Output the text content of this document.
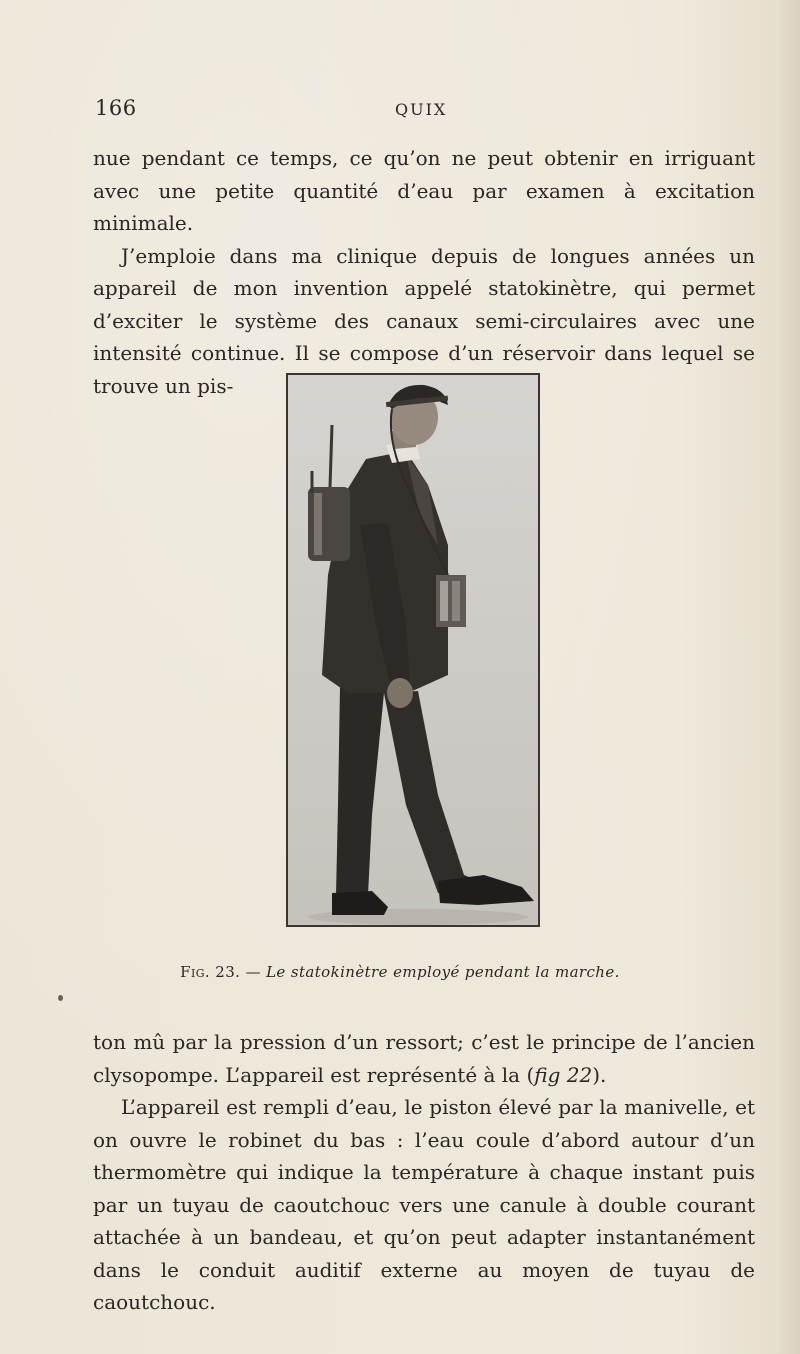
166	QUIX

nue pendant ce temps, ce qu’on ne peut obtenir en irriguant avec une petite quantité d’eau par examen à excitation minimale.

J’emploie dans ma clinique depuis de longues années un appareil de mon invention appelé statokinètre, qui permet d’exciter le système des canaux semi-circulaires avec une intensité continue. Il se compose d’un réservoir dans lequel se trouve un pis-

Fig. 23. — Le statokinètre employé pendant la marche.

ton mû par la pression d’un ressort; c’est le principe de l’ancien clysopompe. L’appareil est représenté à la (fig 22).

L’appareil est rempli d’eau, le piston élevé par la manivelle, et on ouvre le robinet du bas : l’eau coule d’abord autour d’un thermomètre qui indique la température à chaque instant puis par un tuyau de caoutchouc vers une canule à double courant attachée à un bandeau, et qu’on peut adapter instantanément dans le conduit auditif externe au moyen de tuyau de caoutchouc.
